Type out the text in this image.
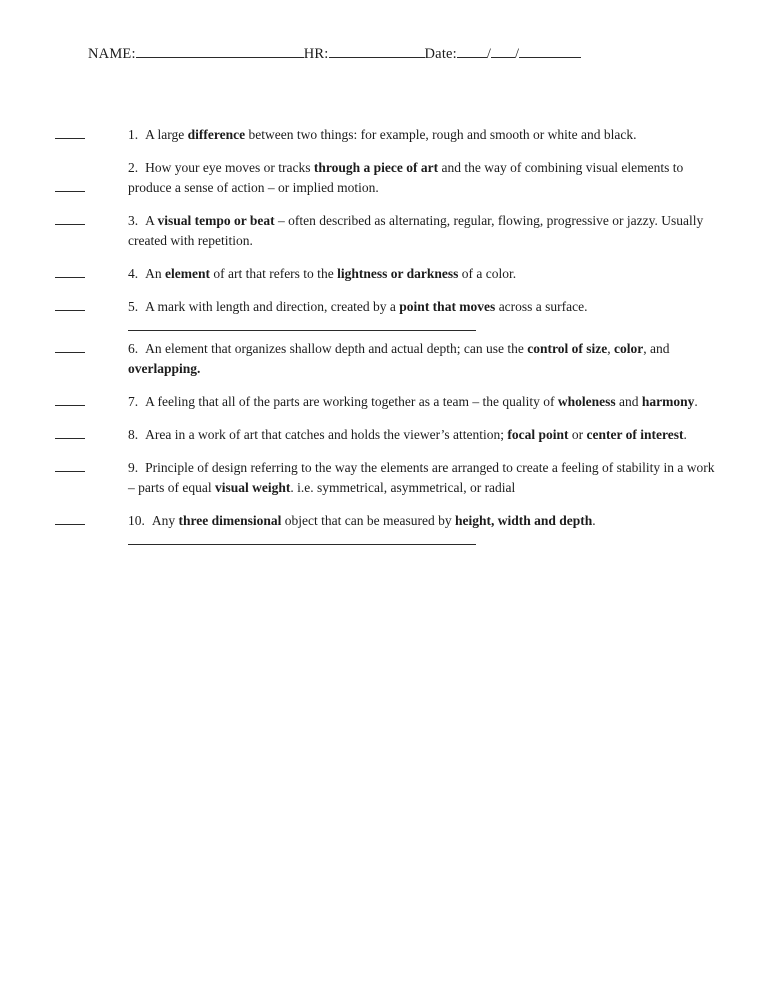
NAME:	HR:	Date: / /

1. A large difference between two things: for example, rough and smooth or white and black.

2. How your eye moves or tracks through a piece of art and the way of combining visual elements to produce a sense of action – or implied motion.

3. A visual tempo or beat – often described as alternating, regular, flowing, progressive or jazzy. Usually created with repetition.

4. An element of art that refers to the lightness or darkness of a color.

5. A mark with length and direction, created by a point that moves across a surface.

6. An element that organizes shallow depth and actual depth; can use the control of size, color, and overlapping.

7. A feeling that all of the parts are working together as a team – the quality of wholeness and harmony.

8. Area in a work of art that catches and holds the viewer’s attention; focal point or center of interest.

9. Principle of design referring to the way the elements are arranged to create a feeling of stability in a work – parts of equal visual weight. i.e. symmetrical, asymmetrical, or radial

10. Any three dimensional object that can be measured by height, width and depth.
